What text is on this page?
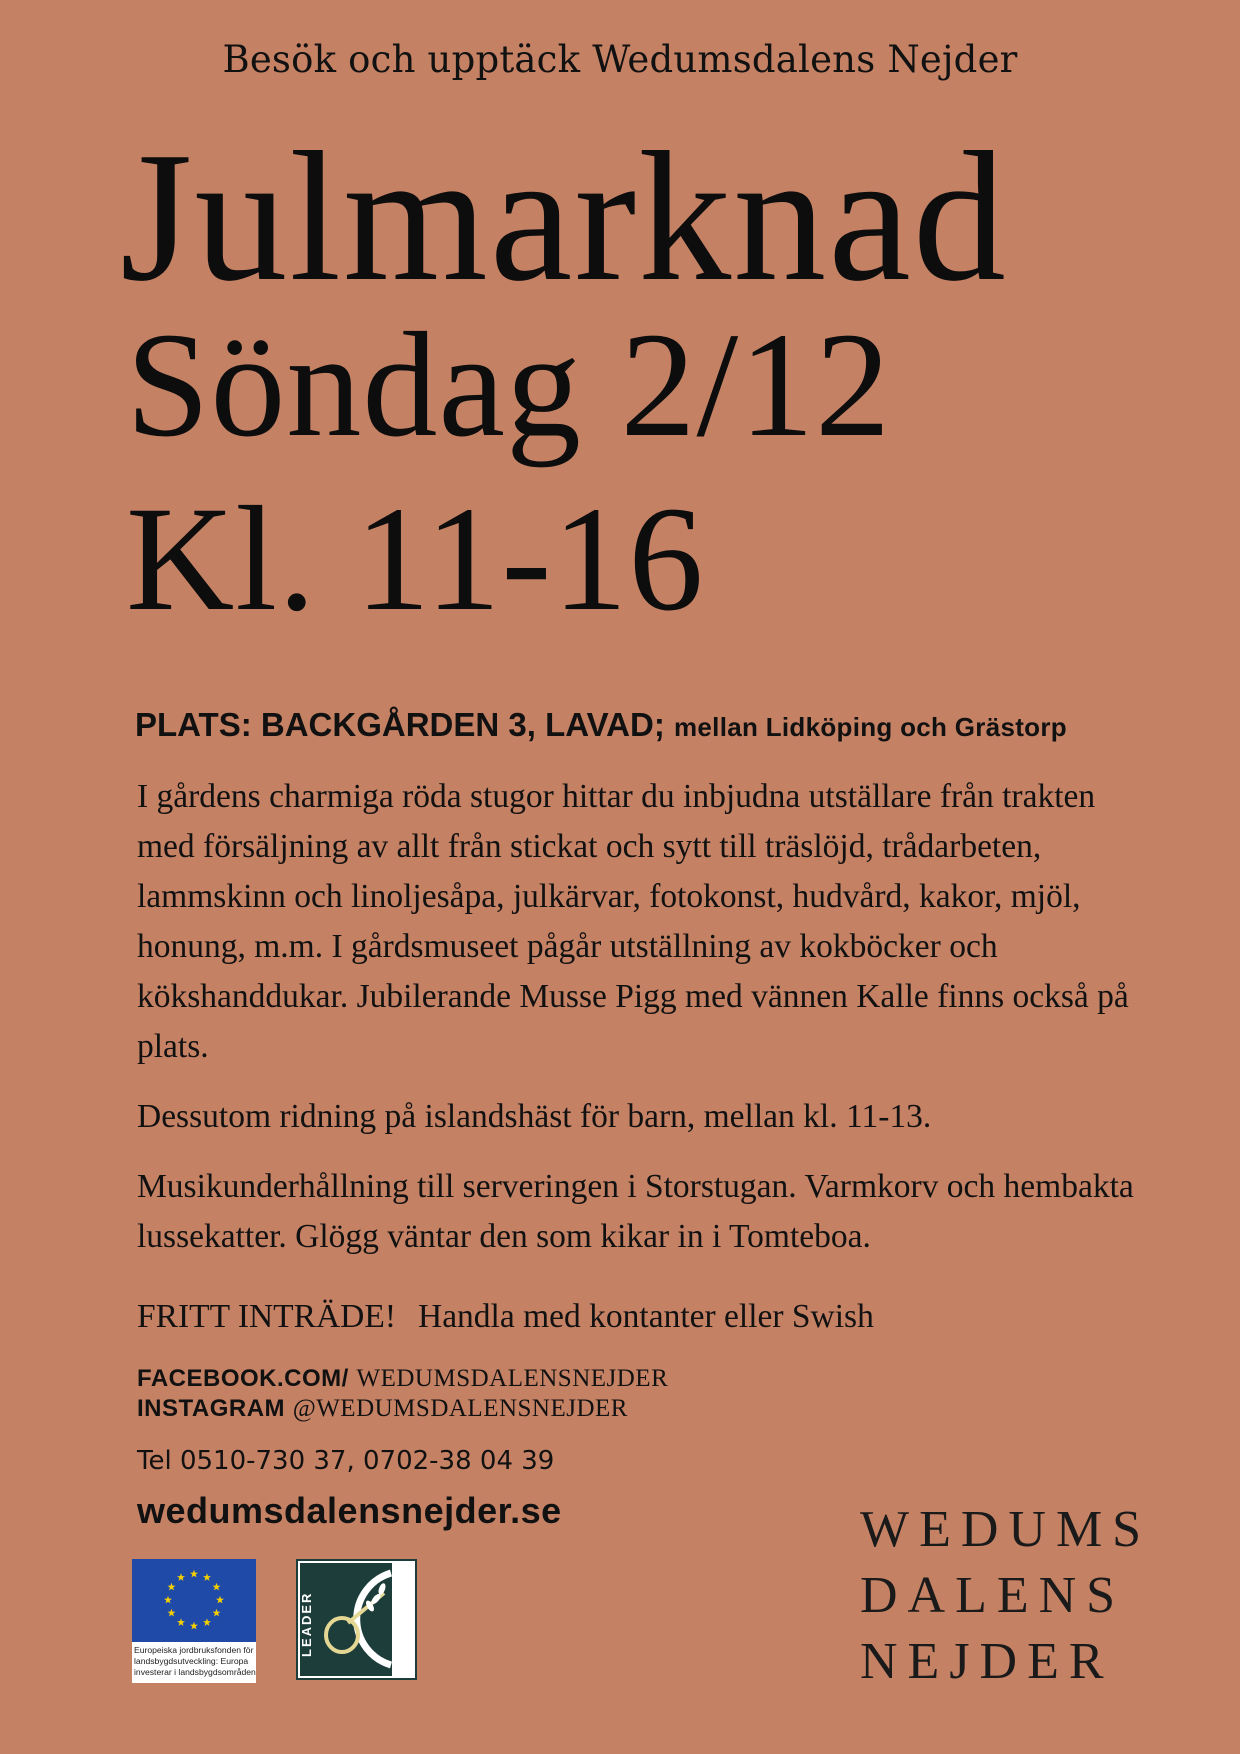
Besök och upptäck Wedumsdalens Nejder
Julmarknad
Söndag 2/12
Kl. 11-16
PLATS: BACKGÅRDEN 3, LAVAD; mellan Lidköping och Grästorp

I gårdens charmiga röda stugor hittar du inbjudna utställare från trakten med försäljning av allt från stickat och sytt till träslöjd, trådarbeten, lammskinn och linoljesåpa, julkärvar, fotokonst, hudvård, kakor, mjöl, honung, m.m. I gårdsmuseet pågår utställning av kokböcker och kökshanddukar. Jubilerande Musse Pigg med vännen Kalle finns också på plats.

Dessutom ridning på islandshäst för barn, mellan kl. 11-13.

Musikunderhållning till serveringen i Storstugan. Varmkorv och hembakta lussekatter. Glögg väntar den som kikar in i Tomteboa.

FRITT INTRÄDE! Handla med kontanter eller Swish

FACEBOOK.COM/ WEDUMSDALENSNEJDER
INSTAGRAM @WEDUMSDALENSNEJDER
Tel 0510-730 37, 0702-38 04 39
wedumsdalensnejder.se
Europeiska jordbruksfonden för landsbygdsutveckling: Europa investerar i landsbygdsområden
LEADER
WEDUMS
DALENS
NEJDER
